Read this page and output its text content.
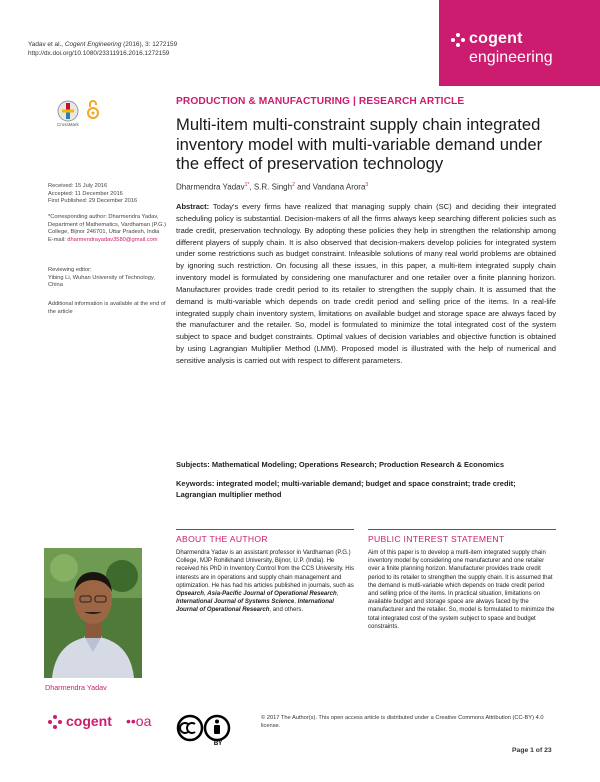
Yadav et al., Cogent Engineering (2016), 3: 1272159
http://dx.doi.org/10.1080/23311916.2016.1272159
cogent
engineering
CrossMark
PRODUCTION & MANUFACTURING | RESEARCH ARTICLE
Multi-item multi-constraint supply chain integrated inventory model with multi-variable demand under the effect of preservation technology
Dharmendra Yadav$^{1*}$, S.R. Singh$^2$ and Vandana Arora$^3$
Received: 15 July 2016
Accepted: 11 December 2016
First Published: 29 December 2016
*Corresponding author: Dharmendra Yadav, Department of Mathematics, Vardhaman (P.G.) College, Bijnor 246701, Uttar Pradesh, India
E-mail: dharmendrayadav3580@gmail.com
Reviewing editor:
Yibing Li, Wuhan University of Technology, China
Additional information is available at the end of the article
Abstract: Today's every firms have realized that managing supply chain (SC) and deciding their integrated scheduling policy is substantial. Decision-makers of all the firms always keep searching different policies such as trade credit, preservation technology. By adopting these policies they help in strengthen the relationship among different players of supply chain. It is also observed that decision-makers develop policies for integrated system under some restrictions such as budget constraint. Infeasible solutions of many real world problems are obtained by ignoring such restriction. On focusing all these issues, in this paper, a multi-item integrated supply chain inventory model is formulated by considering one manufacturer and one retailer over a finite planning horizon. Manufacturer provides trade credit period to its retailer to strengthen the supply chain. It is assumed that the demand is multi-variable which depends on trade credit period and selling price of the items. In a real-life integrated supply chain inventory system, limitations on available budget and storage space are always faced by the manufacturer and the retailer. So, model is formulated to minimize the total integrated cost of the system subject to space and budget constraints. Optimal values of decision variables and objective function is obtained by using Lagrangian Multiplier Method (LMM). Proposed model is illustrated with the help of numerical and sensitive analysis is carried out with respect to different parameters.
Subjects: Mathematical Modeling; Operations Research; Production Research & Economics
Keywords: integrated model; multi-variable demand; budget and space constraint; trade credit; Lagrangian multiplier method
ABOUT THE AUTHOR	PUBLIC INTEREST STATEMENT
Dharmendra Yadav
Dharmendra Yadav is an assistant professor in Vardhaman (P.G.) College, MJP Rohilkhand University, Bijnor, U.P. (India). He received his PhD in Inventory Control from the CCS University. His interests are in operations and supply chain management and optimization. He has had his articles published in journals, such as Opsearch, Asia-Pacific Journal of Operational Research, International Journal of Systems Science, International Journal of Operational Research, and others.
Aim of this paper is to develop a multi-item integrated supply chain inventory model by considering one manufacturer and one retailer over a finite planning horizon. Manufacturer provides trade credit period to its retailer to strengthen the supply chain. It is assumed that the demand is multi-variable which depends on trade credit period and selling price of the items. In practical situation, limitations on available budget and storage space are always faced by the manufacturer and the retailer. So, model is formulated to minimize the total integrated cost of the system subject to space and budget constraints.
cogent ••oa
BY
© 2017 The Author(s). This open access article is distributed under a Creative Commons Attribution (CC-BY) 4.0 license.
Page 1 of 23
